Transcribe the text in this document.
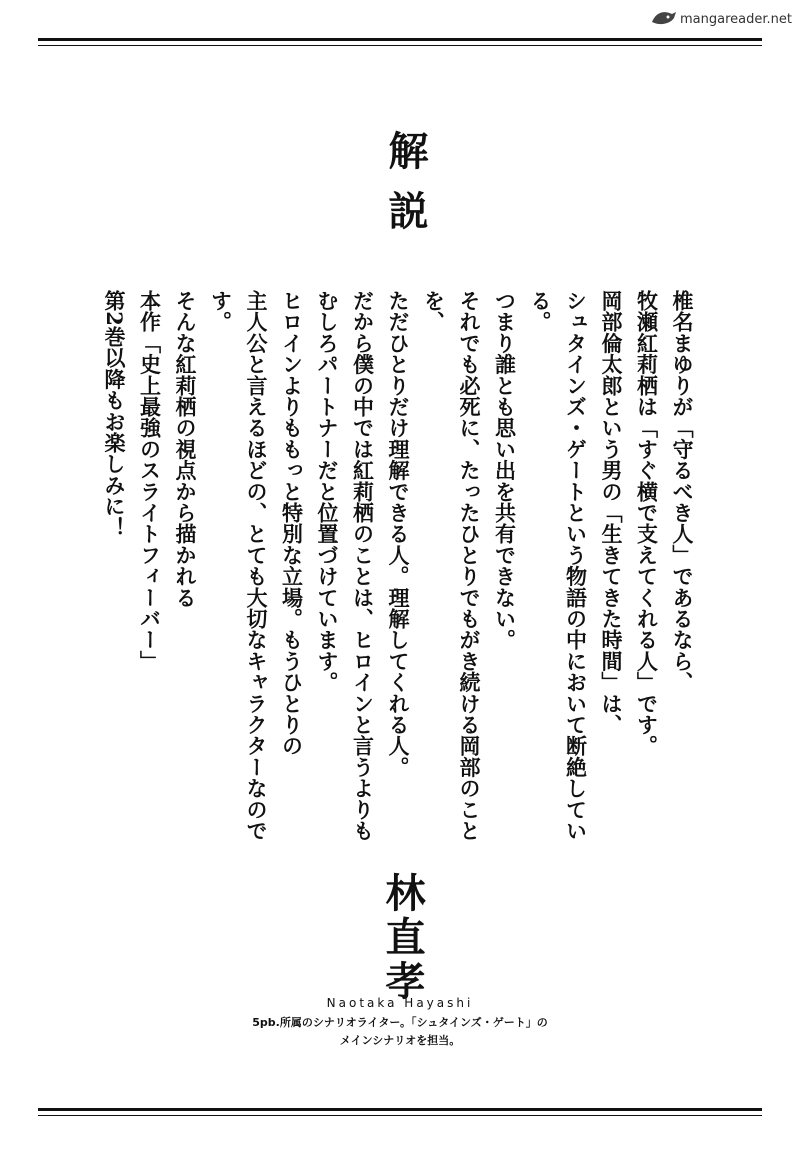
mangareader.net
解説

椎名まゆりが「守るべき人」であるなら、

牧瀬紅莉栖は「すぐ横で支えてくれる人」です。

岡部倫太郎という男の「生きてきた時間」は、

シュタインズ・ゲートという物語の中において断絶している。

つまり誰とも思い出を共有できない。

それでも必死に、たったひとりでもがき続ける岡部のことを、

ただひとりだけ理解できる人。理解してくれる人。

だから僕の中では紅莉栖のことは、ヒロインと言うよりも

むしろパートナーだと位置づけています。

ヒロインよりももっと特別な立場。もうひとりの

主人公と言えるほどの、とても大切なキャラクターなのです。

そんな紅莉栖の視点から描かれる

本作「史上最強のスライトフィーバー」

第2巻以降もお楽しみに！

林直孝
Naotaka Hayashi
5pb.所属のシナリオライター。「シュタインズ・ゲート」の
メインシナリオを担当。
